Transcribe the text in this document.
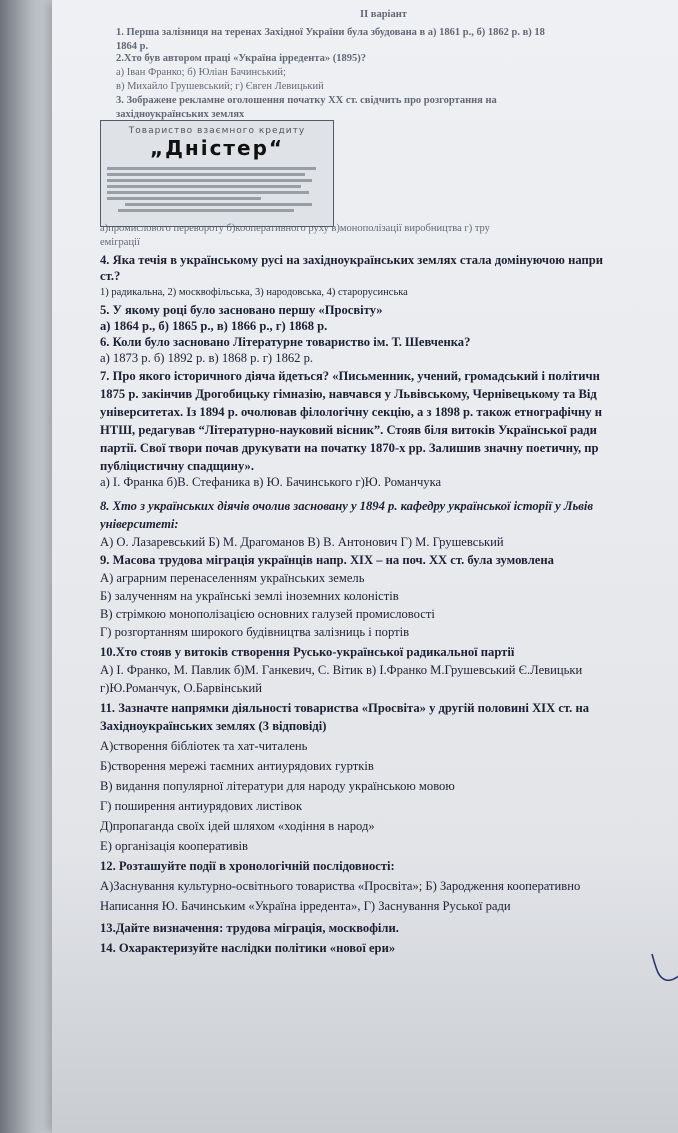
II варіант
1. Перша залізниця на теренах Західної України була збудована в а) 1861 р., б) 1862 р. в) 18
1864 р.
2.Хто був автором праці «Україна ірредента» (1895)?
а) Іван Франко; б) Юліан Бачинський;
в) Михайло Грушевський; г) Євген Левицький
3. Зображене рекламне оголошення початку XX ст. свідчить про розгортання на
західноукраїнських землях
Товариство взаємного кредиту
„Дністер“
а)промислового перевороту б)кооперативного руху в)монополізації виробництва г) тру
еміграції
4. Яка течія в українському русі на західноукраїнських землях стала домінуючою напри
ст.?
1) радикальна, 2) москвофільська, 3) народовська, 4) старорусинська
5. У якому році було засновано першу «Просвіту»
а) 1864 р., б) 1865 р., в) 1866 р., г) 1868 р.
6. Коли було засновано Літературне товариство ім. Т. Шевченка?
а) 1873 р. б) 1892 р. в) 1868 р. г) 1862 р.
7. Про якого історичного діяча йдеться? «Письменник, учений, громадський і політичн
1875 р. закінчив Дрогобицьку гімназію, навчався у Львівському, Чернівецькому та Від
університетах. Із 1894 р. очолював філологічну секцію, а з 1898 р. також етнографічну н
НТШ, редагував “Літературно-науковий вісник”. Стояв біля витоків Української ради
партії. Свої твори почав друкувати на початку 1870-х рр. Залишив значну поетичну, пр
публіцистичну спадщину».
а) І. Франка б)В. Стефаника в) Ю. Бачинського г)Ю. Романчука
8. Хто з українських діячів очолив засновану у 1894 р. кафедру української історії у Львів
університеті:
А) О. Лазаревський Б) М. Драгоманов В) В. Антонович Г) М. Грушевський
9. Масова трудова міграція українців напр. XIX – на поч. XX ст. була зумовлена
А) аграрним перенаселенням українських земель
Б) залученням на українські землі іноземних колоністів
В) стрімкою монополізацією основних галузей промисловості
Г) розгортанням широкого будівництва залізниць і портів
10.Хто стояв у витоків створення Русько-української радикальної партії
А) І. Франко, М. Павлик б)М. Ганкевич, С. Вітик в) І.Франко М.Грушевський Є.Левицьки
г)Ю.Романчук, О.Барвінський
11. Зазначте напрямки діяльності товариства «Просвіта» у другій половині XIX ст. на
Західноукраїнських землях (3 відповіді)
А)створення бібліотек та хат-читалень
Б)створення мережі таємних антиурядових гуртків
В) видання популярної літератури для народу українською мовою
Г) поширення антиурядових листівок
Д)пропаганда своїх ідей шляхом «ходіння в народ»
Е) організація кооперативів
12. Розташуйте події в хронологічній послідовності:
А)Заснування культурно-освітнього товариства «Просвіта»; Б) Зародження кооперативно
Написання Ю. Бачинським «Україна ірредента», Г) Заснування Руської ради
13.Дайте визначення: трудова міграція, москвофіли.
14. Охарактеризуйте наслідки політики «нової ери»
